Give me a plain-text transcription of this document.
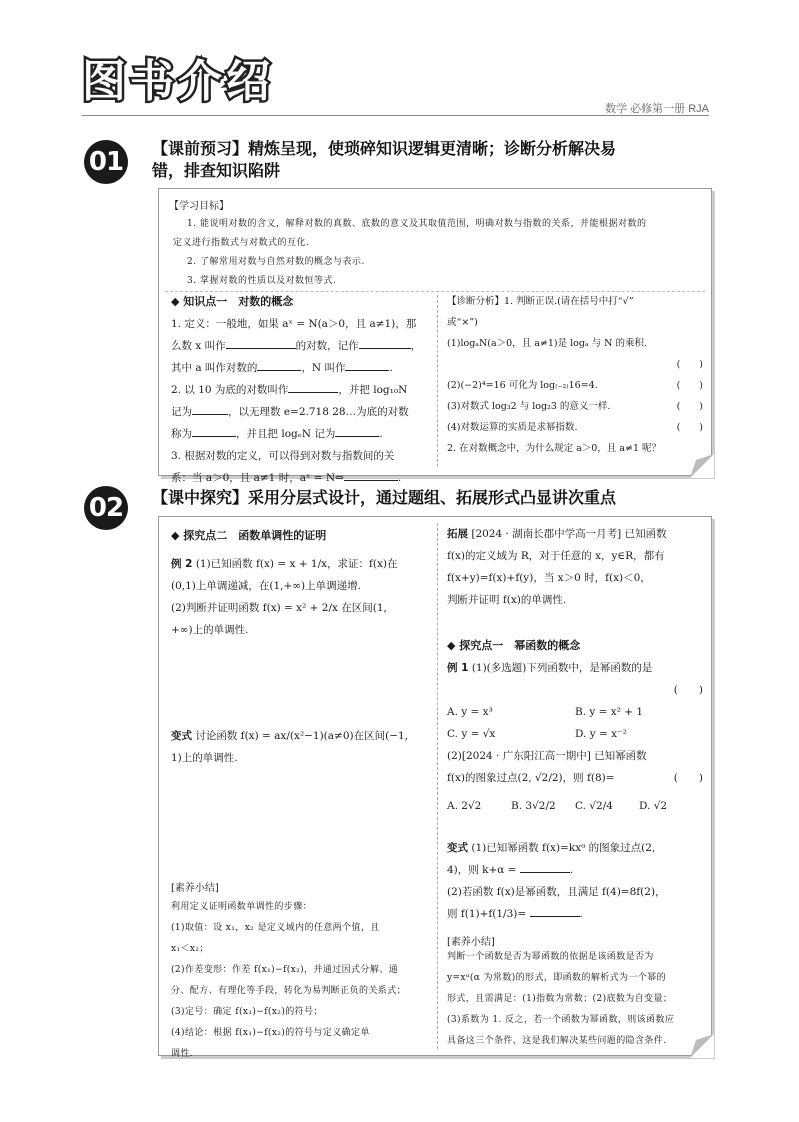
图书介绍
数学 必修第一册 RJA
01	【课前预习】精炼呈现，使琐碎知识逻辑更清晰；诊断分析解决易
错，排查知识陷阱
【学习目标】
1. 能说明对数的含义，解释对数的真数、底数的意义及其取值范围，明确对数与指数的关系，并能根据对数的
定义进行指数式与对数式的互化.
2. 了解常用对数与自然对数的概念与表示.
3. 掌握对数的性质以及对数恒等式.
◆ 知识点一　对数的概念
1. 定义：一般地，如果 aˣ = N(a＞0，且 a≠1)，那
么数 x 叫作	的对数，记作	，
其中 a 叫作对数的	，N 叫作	.
2. 以 10 为底的对数叫作	，并把 log₁₀N
记为	，以无理数 e=2.718 28…为底的对数
称为	，并且把 logₑN 记为	.
3. 根据对数的定义，可以得到对数与指数间的关
系：当 a＞0，且 a≠1 时，aˣ = N⇔	.
【诊断分析】1. 判断正误.(请在括号中打“√”
或“×”)
(1)logₐN(a＞0，且 a≠1)是 logₐ 与 N 的乘积.
(　　)
(2)(−2)⁴=16 可化为 log₍₋₂₎16=4.	(　　)
(3)对数式 log₃2 与 log₂3 的意义一样.	(　　)
(4)对数运算的实质是求幂指数.	(　　)
2. 在对数概念中，为什么规定 a＞0，且 a≠1 呢？
02	【课中探究】采用分层式设计，通过题组、拓展形式凸显讲次重点
◆ 探究点二　函数单调性的证明
例 2 (1)已知函数 f(x) = x + 1/x，求证：f(x)在
(0,1)上单调递减，在(1,+∞)上单调递增.
(2)判断并证明函数 f(x) = x² + 2/x 在区间(1,
+∞)上的单调性.
变式 讨论函数 f(x) = ax/(x²−1)(a≠0)在区间(−1,
1)上的单调性.
[素养小结]
利用定义证明函数单调性的步骤：
(1)取值：设 x₁，x₂ 是定义域内的任意两个值，且
x₁＜x₂；
(2)作差变形：作差 f(x₁)−f(x₂)，并通过因式分解、通
分、配方、有理化等手段，转化为易判断正负的关系式；
(3)定号：确定 f(x₁)−f(x₂)的符号；
(4)结论：根据 f(x₁)−f(x₂)的符号与定义确定单
调性.
拓展 [2024 · 湖南长郡中学高一月考] 已知函数
f(x)的定义域为 R，对于任意的 x，y∈R，都有
f(x+y)=f(x)+f(y)，当 x＞0 时，f(x)＜0，
判断并证明 f(x)的单调性.
◆ 探究点一　幂函数的概念
例 1 (1)(多选题)下列函数中，是幂函数的是
(　　)
A. y = x³	B. y = x² + 1
C. y = √x	D. y = x⁻²
(2)[2024 · 广东阳江高一期中] 已知幂函数
f(x)的图象过点(2, √2/2)，则 f(8)=	(　　)
A. 2√2	B. 3√2/2	C. √2/4	D. √2
变式 (1)已知幂函数 f(x)=kxᵅ 的图象过点(2,
4)，则 k+α =	.
(2)若函数 f(x)是幂函数，且满足 f(4)=8f(2)，
则 f(1)+f(1/3)=	.
[素养小结]
判断一个函数是否为幂函数的依据是该函数是否为
y=xᵅ(α 为常数)的形式，即函数的解析式为一个幂的
形式，且需满足：(1)指数为常数；(2)底数为自变量；
(3)系数为 1. 反之，若一个函数为幂函数，则该函数应
具备这三个条件，这是我们解决某些问题的隐含条件.
